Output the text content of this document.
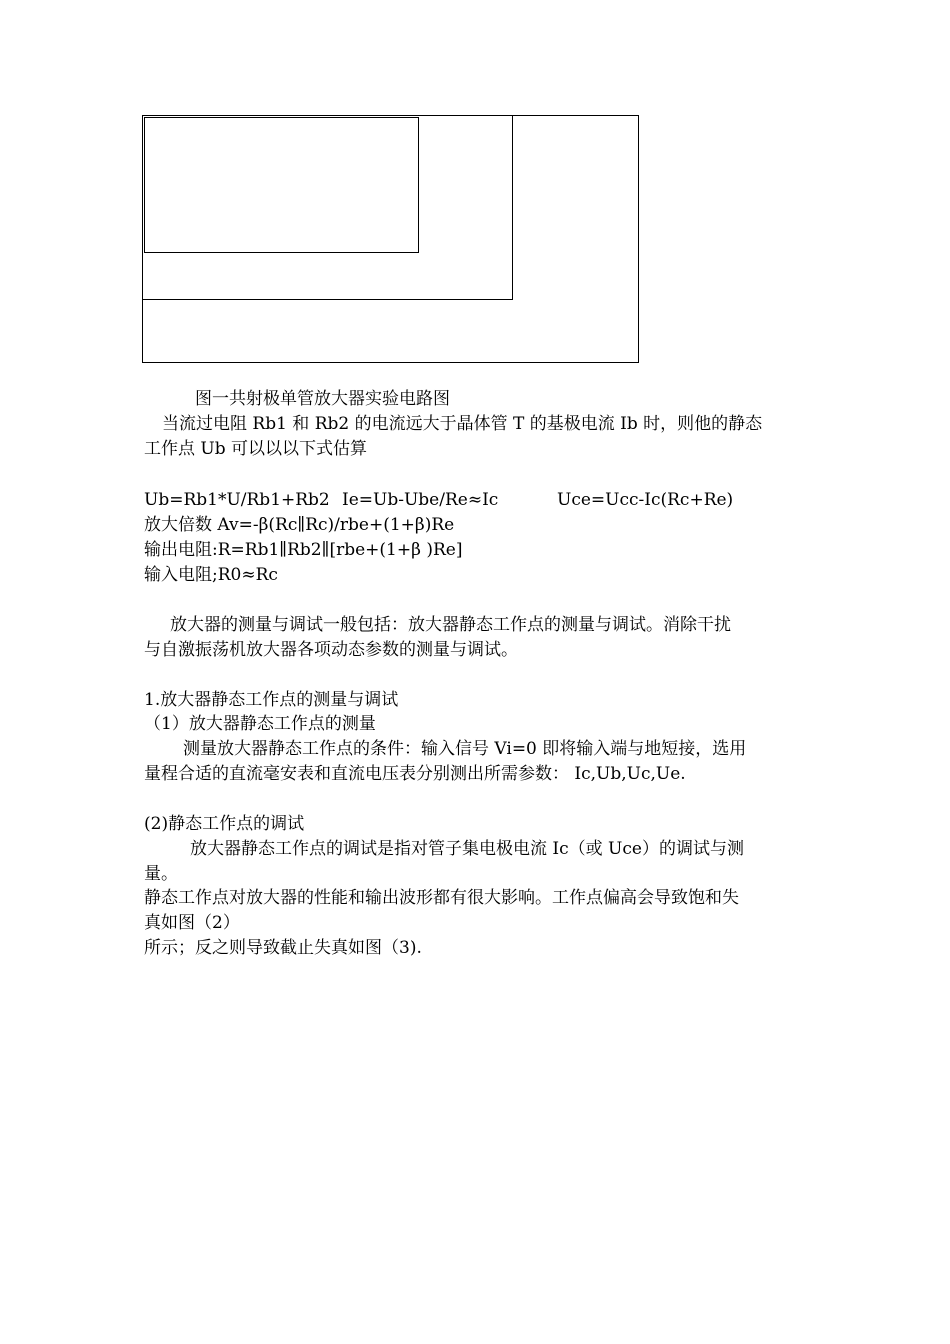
图一共射极单管放大器实验电路图
当流过电阻 Rb1 和 Rb2 的电流远大于晶体管 T 的基极电流 Ib 时，则他的静态
工作点 Ub 可以以以下式估算
Ub=Rb1*U/Rb1+Rb2 Ie=Ub-Ube/Re≈Ic	Uce=Ucc-Ic(Rc+Re)
放大倍数 Av=-β(Rc∥Rc)/rbe+(1+β)Re
输出电阻:R=Rb1∥Rb2∥[rbe+(1+β )Re]
输入电阻;R0≈Rc
放大器的测量与调试一般包括：放大器静态工作点的测量与调试。消除干扰
与自激振荡机放大器各项动态参数的测量与调试。
1.放大器静态工作点的测量与调试
（1）放大器静态工作点的测量
测量放大器静态工作点的条件：输入信号 Vi=0 即将输入端与地短接，选用
量程合适的直流毫安表和直流电压表分别测出所需参数： Ic,Ub,Uc,Ue.
(2)静态工作点的调试
放大器静态工作点的调试是指对管子集电极电流 Ic（或 Uce）的调试与测
量。
静态工作点对放大器的性能和输出波形都有很大影响。工作点偏高会导致饱和失
真如图（2）
所示；反之则导致截止失真如图（3).
